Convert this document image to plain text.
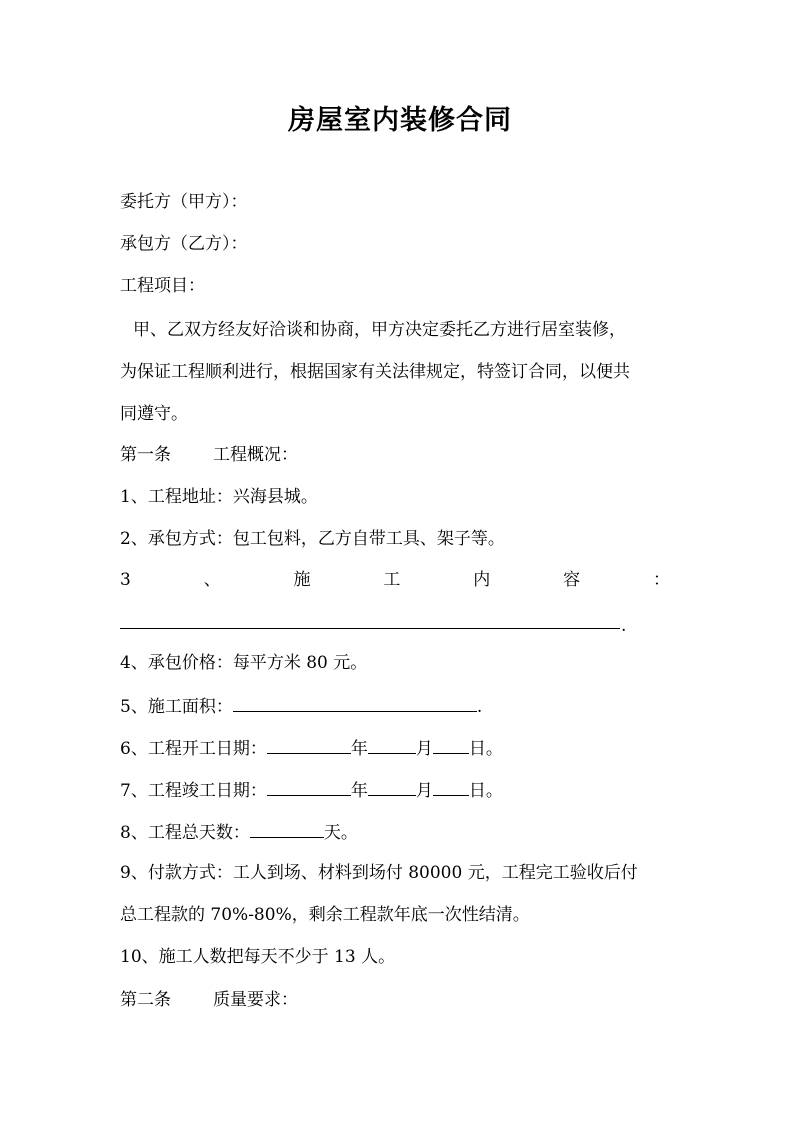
房屋室内装修合同
委托方（甲方）：
承包方（乙方）：
工程项目：
甲、乙双方经友好洽谈和协商，甲方决定委托乙方进行居室装修，
为保证工程顺利进行，根据国家有关法律规定，特签订合同，以便共
同遵守。
第一条 工程概况：
1、工程地址：兴海县城。
2、承包方式：包工包料，乙方自带工具、架子等。
3	、	施	工	内	容	：
.
4、承包价格：每平方米 80 元。
5、施工面积：	.
6、工程开工日期：	年	月 日。
7、工程竣工日期：	年	月 日。
8、工程总天数：	天。
9、付款方式：工人到场、材料到场付 80000 元，工程完工验收后付
总工程款的 70%-80%，剩余工程款年底一次性结清。
10、施工人数把每天不少于 13 人。
第二条 质量要求：
